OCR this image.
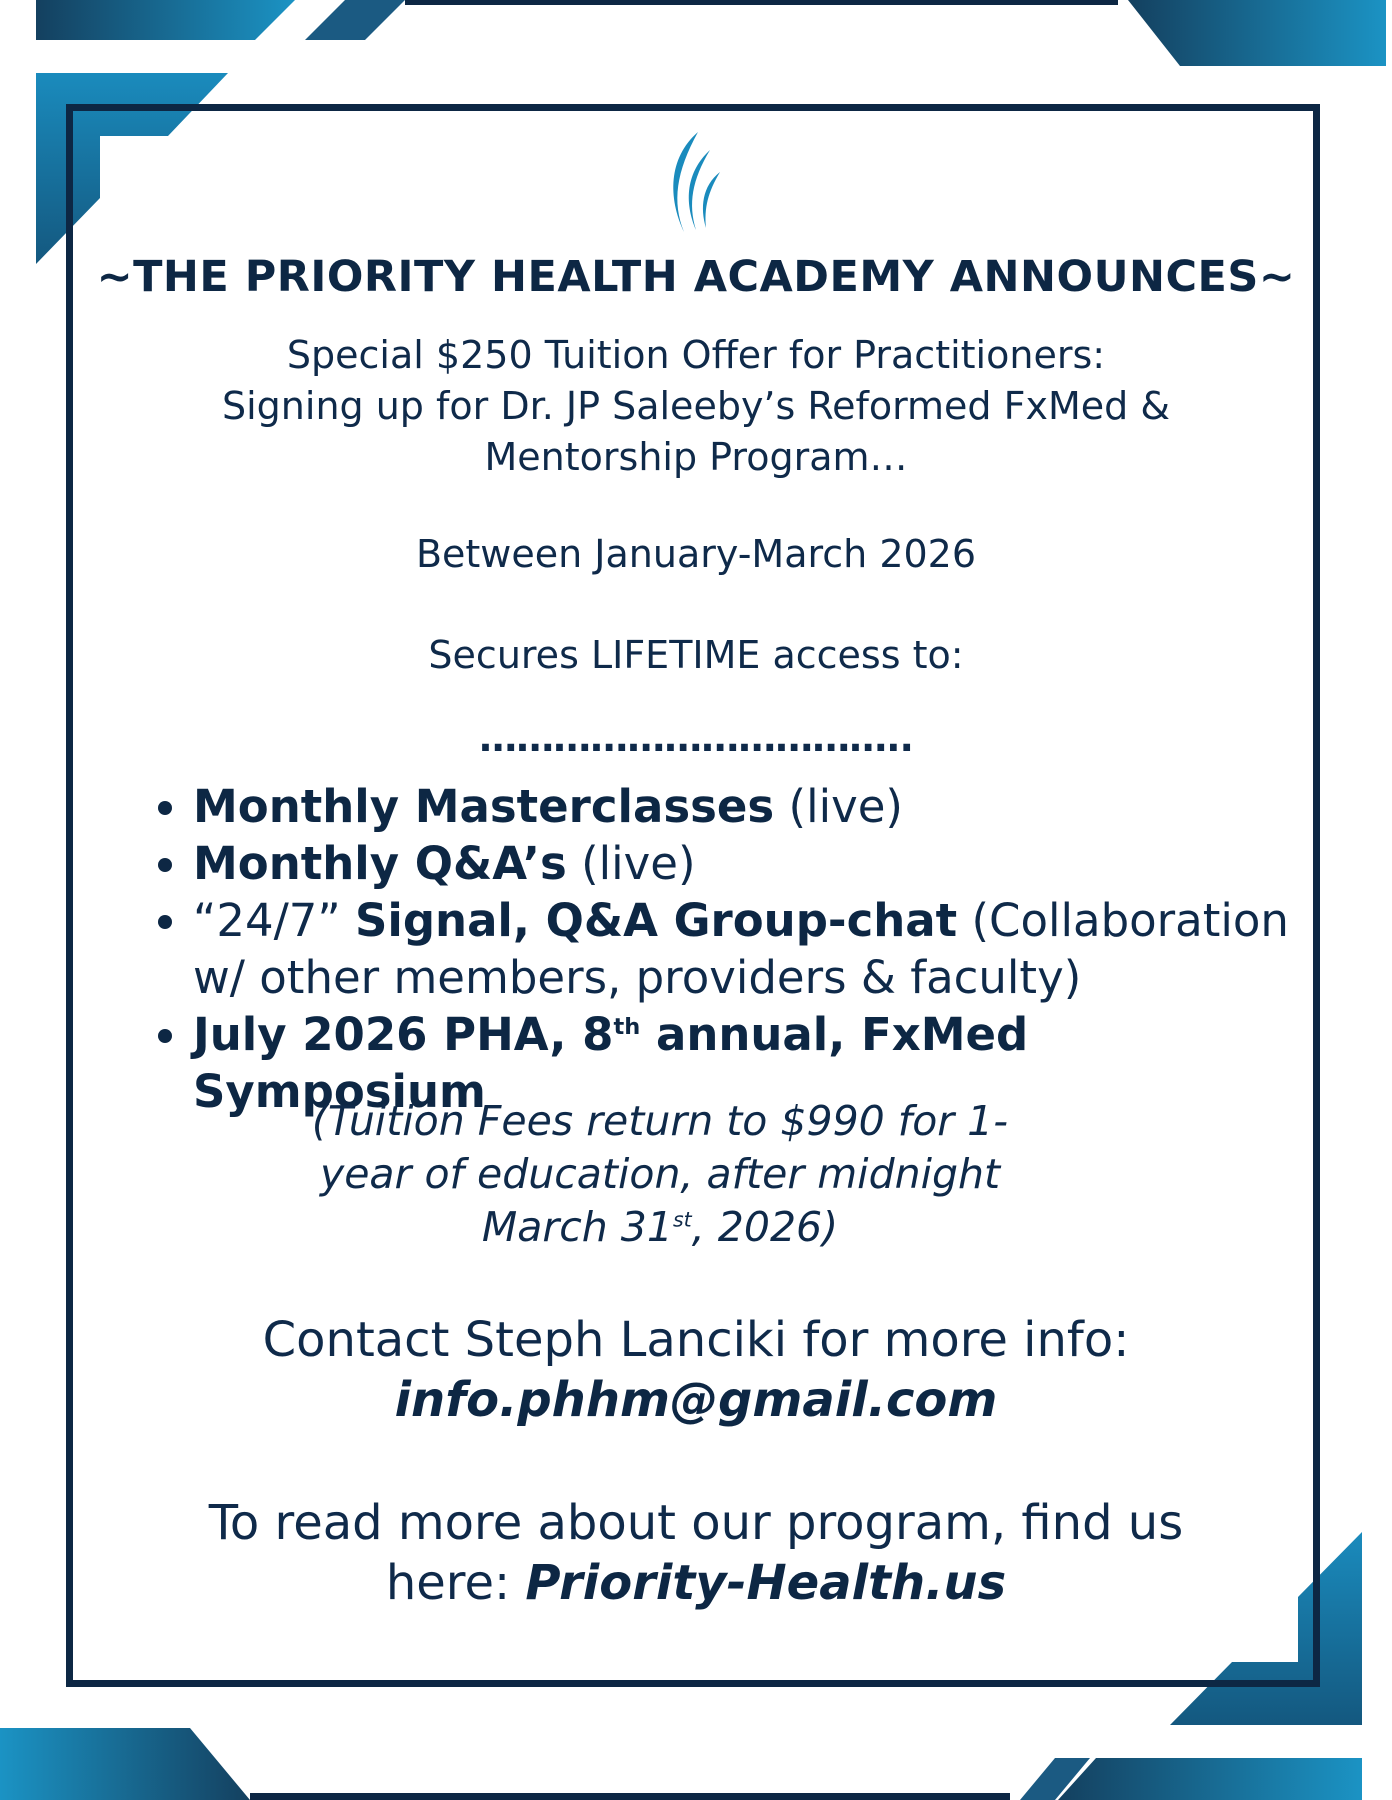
~THE PRIORITY HEALTH ACADEMY ANNOUNCES~
Special $250 Tuition Offer for Practitioners:
Signing up for Dr. JP Saleeby’s Reformed FxMed &
Mentorship Program…
Between January-March 2026
Secures LIFETIME access to:
……………………………..
Monthly Masterclasses (live)
Monthly Q&A’s (live)
“24/7” Signal, Q&A Group-chat (Collaboration w/ other members, providers & faculty)
July 2026 PHA, 8th annual, FxMed Symposium
(Tuition Fees return to $990 for 1-
year of education, after midnight
March 31st, 2026)
Contact Steph Lanciki for more info:
info.phhm@gmail.com
To read more about our program, find us
here: Priority-Health.us
